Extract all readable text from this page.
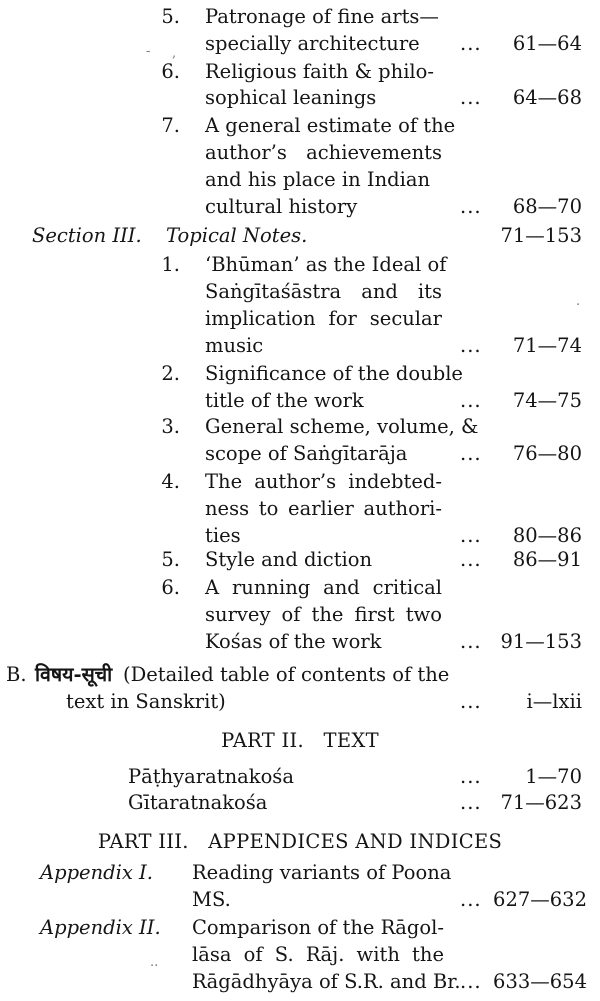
- ,
.
..
5. Patronage of fine arts—
specially architecture ...	61—64
6. Religious faith & philo-
sophical leanings	...	64—68
7. A general estimate of the
author’s achievements
and his place in Indian
cultural history	...	68—70
Section III. Topical Notes.	71—153
1. ‘Bhūman’ as the Ideal of
Saṅgītaśāstra and its
implication for secular
music	...	71—74
2. Significance of the double
title of the work	...	74—75
3. General scheme, volume, &
scope of Saṅgītarāja	...	76—80
4. The author’s indebted-
ness to earlier authori-
ties	...	80—86
5. Style and diction	...	86—91
6. A running and critical
survey of the first two
Kośas of the work	... 91—153
B. विषय-सूची (Detailed table of contents of the
text in Sanskrit)	...	i—lxii
PART II.   TEXT
Pāṭhyaratnakośa	...	1—70
Gītaratnakośa	... 71—623
PART III.   APPENDICES AND INDICES
Appendix I. Reading variants of Poona
MS.	... 627—632
Appendix II. Comparison of the Rāgol-
lāsa of S. Rāj. with the
Rāgādhyāya of S.R. and Br. ... 633—654
